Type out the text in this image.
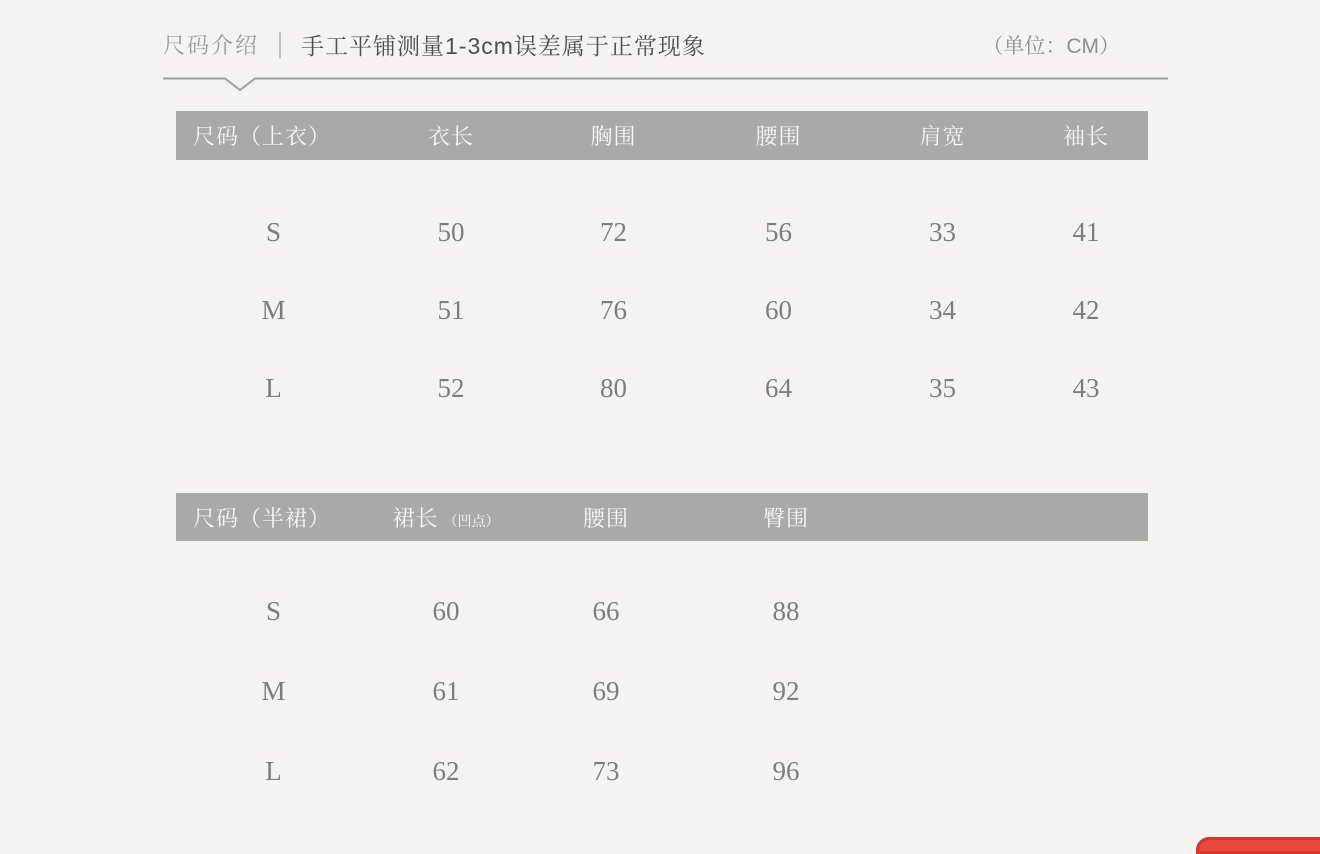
尺码介绍 手工平铺测量1-3cm误差属于正常现象	（单位：CM）
尺码（上衣）	衣长	胸围	腰围	肩宽	袖长
S	50	72	56	33	41
M	51	76	60	34	42
L	52	80	64	35	43
尺码（半裙）	裙长 （凹点）	腰围	臀围
S	60	66	88
M	61	69	92
L	62	73	96
